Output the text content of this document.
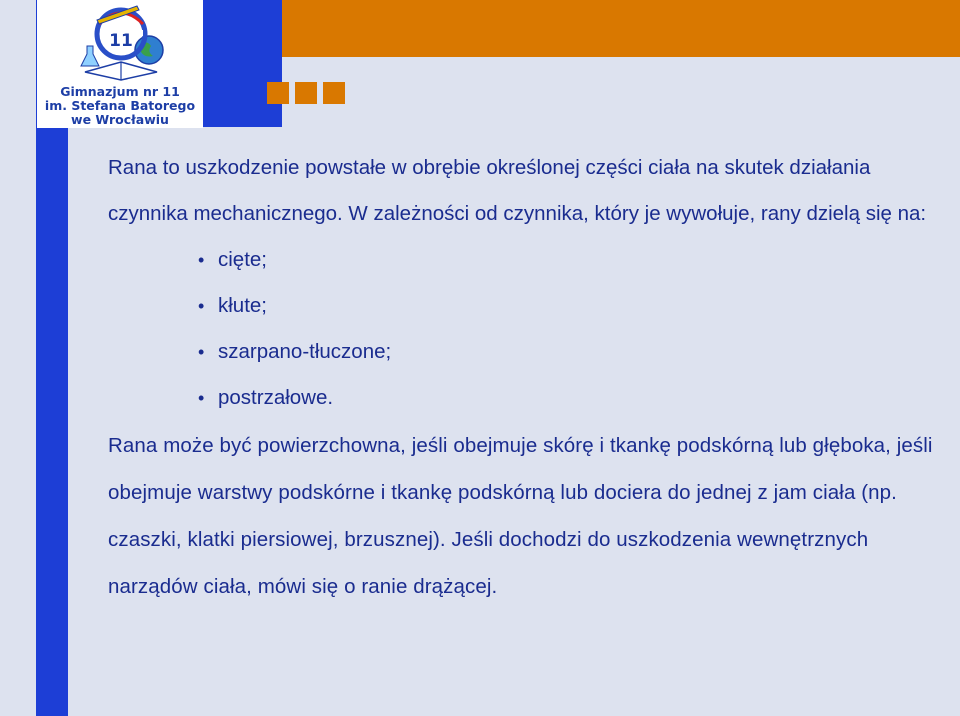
11
Gimnazjum nr 11
im. Stefana Batorego
we Wrocławiu

Rana to uszkodzenie powstałe w obrębie określonej części ciała na skutek działania czynnika mechanicznego. W zależności od czynnika, który je wywołuje, rany dzielą się na:

• cięte;
• kłute;
• szarpano-tłuczone;
• postrzałowe.

Rana może być powierzchowna, jeśli obejmuje skórę i tkankę podskórną lub głęboka, jeśli obejmuje warstwy podskórne i tkankę podskórną lub dociera do jednej z jam ciała (np. czaszki, klatki piersiowej, brzusznej). Jeśli dochodzi do uszkodzenia wewnętrznych narządów ciała, mówi się o ranie drążącej.
